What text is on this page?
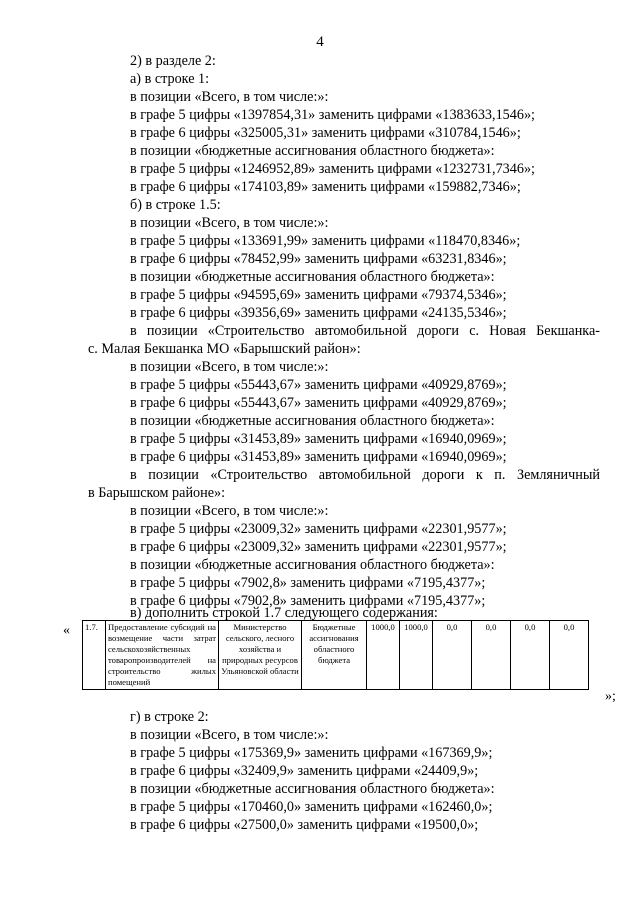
4
2) в разделе 2:
а) в строке 1:
в позиции «Всего, в том числе:»:
в графе 5 цифры «1397854,31» заменить цифрами «1383633,1546»;
в графе 6 цифры «325005,31» заменить цифрами «310784,1546»;
в позиции «бюджетные ассигнования областного бюджета»:
в графе 5 цифры «1246952,89» заменить цифрами «1232731,7346»;
в графе 6 цифры «174103,89» заменить цифрами «159882,7346»;
б) в строке 1.5:
в позиции «Всего, в том числе:»:
в графе 5 цифры «133691,99» заменить цифрами «118470,8346»;
в графе 6 цифры «78452,99» заменить цифрами «63231,8346»;
в позиции «бюджетные ассигнования областного бюджета»:
в графе 5 цифры «94595,69» заменить цифрами «79374,5346»;
в графе 6 цифры «39356,69» заменить цифрами «24135,5346»;
в позиции «Строительство автомобильной дороги с. Новая Бекшанка-
с. Малая Бекшанка МО «Барышский район»:
в позиции «Всего, в том числе:»:
в графе 5 цифры «55443,67» заменить цифрами «40929,8769»;
в графе 6 цифры «55443,67» заменить цифрами «40929,8769»;
в позиции «бюджетные ассигнования областного бюджета»:
в графе 5 цифры «31453,89» заменить цифрами «16940,0969»;
в графе 6 цифры «31453,89» заменить цифрами «16940,0969»;
в позиции «Строительство автомобильной дороги к п. Земляничный
в Барышском районе»:
в позиции «Всего, в том числе:»:
в графе 5 цифры «23009,32» заменить цифрами «22301,9577»;
в графе 6 цифры «23009,32» заменить цифрами «22301,9577»;
в позиции «бюджетные ассигнования областного бюджета»:
в графе 5 цифры «7902,8» заменить цифрами «7195,4377»;
в графе 6 цифры «7902,8» заменить цифрами «7195,4377»;
в) дополнить строкой 1.7 следующего содержания:
« 1.7.	Предоставление субсидий на возмещение части затрат сельскохозяйственных товаропроизводителей на строительство жилых помещений	Министерство сельского, лесного хозяйства и природных ресурсов Ульяновской области	Бюджетные ассигнования областного бюджета	1000,0	1000,0	0,0	0,0	0,0	0,0
»;
г) в строке 2:
в позиции «Всего, в том числе:»:
в графе 5 цифры «175369,9» заменить цифрами «167369,9»;
в графе 6 цифры «32409,9» заменить цифрами «24409,9»;
в позиции «бюджетные ассигнования областного бюджета»:
в графе 5 цифры «170460,0» заменить цифрами «162460,0»;
в графе 6 цифры «27500,0» заменить цифрами «19500,0»;
